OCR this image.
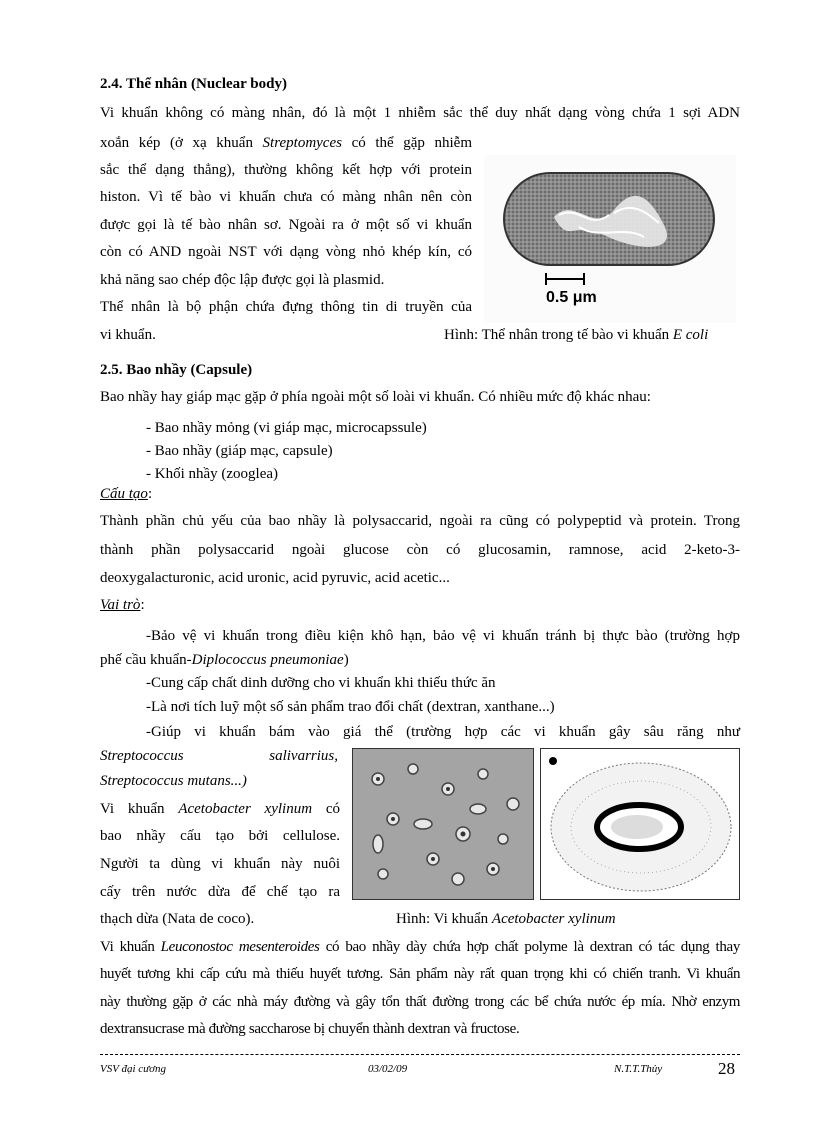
2.4. Thể nhân (Nuclear body)
Vi khuẩn không có màng nhân, đó là một 1 nhiễm sắc thể duy nhất dạng vòng chứa 1 sợi ADN
xoắn kép (ở xạ khuẩn Streptomyces có thể gặp nhiễm
sắc thể dạng thẳng), thường không kết hợp với protein
histon. Vì tế bào vi khuẩn chưa có màng nhân nên còn
được gọi là tế bào nhân sơ. Ngoài ra ở một số vi khuẩn
còn có AND ngoài NST với dạng vòng nhỏ khép kín, có
khả năng sao chép độc lập được gọi là plasmid.
Thể nhân là bộ phận chứa đựng thông tin di truyền của
vi khuẩn.
0.5 μm
Hình: Thể nhân trong tế bào vi khuẩn E coli
2.5. Bao nhầy (Capsule)
Bao nhầy hay giáp mạc gặp ở phía ngoài một số loài vi khuẩn. Có nhiều mức độ khác nhau:
- Bao nhầy mỏng (vi giáp mạc, microcapssule)
- Bao nhầy (giáp mạc, capsule)
- Khối nhầy (zooglea)
Cấu tạo:
Thành phần chủ yếu của bao nhầy là polysaccarid, ngoài ra cũng có polypeptid và protein. Trong
thành phần polysaccarid ngoài glucose còn có glucosamin, ramnose, acid 2-keto-3-
deoxygalacturonic, acid uronic, acid pyruvic, acid acetic...
Vai trò:
-Bảo vệ vi khuẩn trong điều kiện khô hạn, bảo vệ vi khuẩn tránh bị thực bào (trường hợp
phế cầu khuẩn-Diplococcus pneumoniae)
-Cung cấp chất dinh dưỡng cho vi khuẩn khi thiếu thức ăn
-Là nơi tích luỹ một số sản phẩm trao đổi chất (dextran, xanthane...)
-Giúp vi khuẩn bám vào giá thể (trường hợp các vi khuẩn gây sâu răng như
Streptococcus	salivarrius,
Streptococcus mutans...)
Vi khuẩn Acetobacter xylinum có
bao nhầy cấu tạo bởi cellulose.
Người ta dùng vi khuẩn này nuôi
cấy trên nước dừa để chế tạo ra
thạch dừa (Nata de coco).	Hình: Vi khuẩn Acetobacter xylinum
Vi khuẩn Leuconostoc mesenteroides có bao nhầy dày chứa hợp chất polyme là dextran có tác dụng thay
huyết tương khi cấp cứu mà thiếu huyết tương. Sản phẩm này rất quan trọng khi có chiến tranh. Vi khuẩn
này thường gặp ở các nhà máy đường và gây tổn thất đường trong các bể chứa nước ép mía. Nhờ enzym
dextransucrase mà đường saccharose bị chuyển thành dextran và fructose.
VSV đại cương	03/02/09	N.T.T.Thủy	28
